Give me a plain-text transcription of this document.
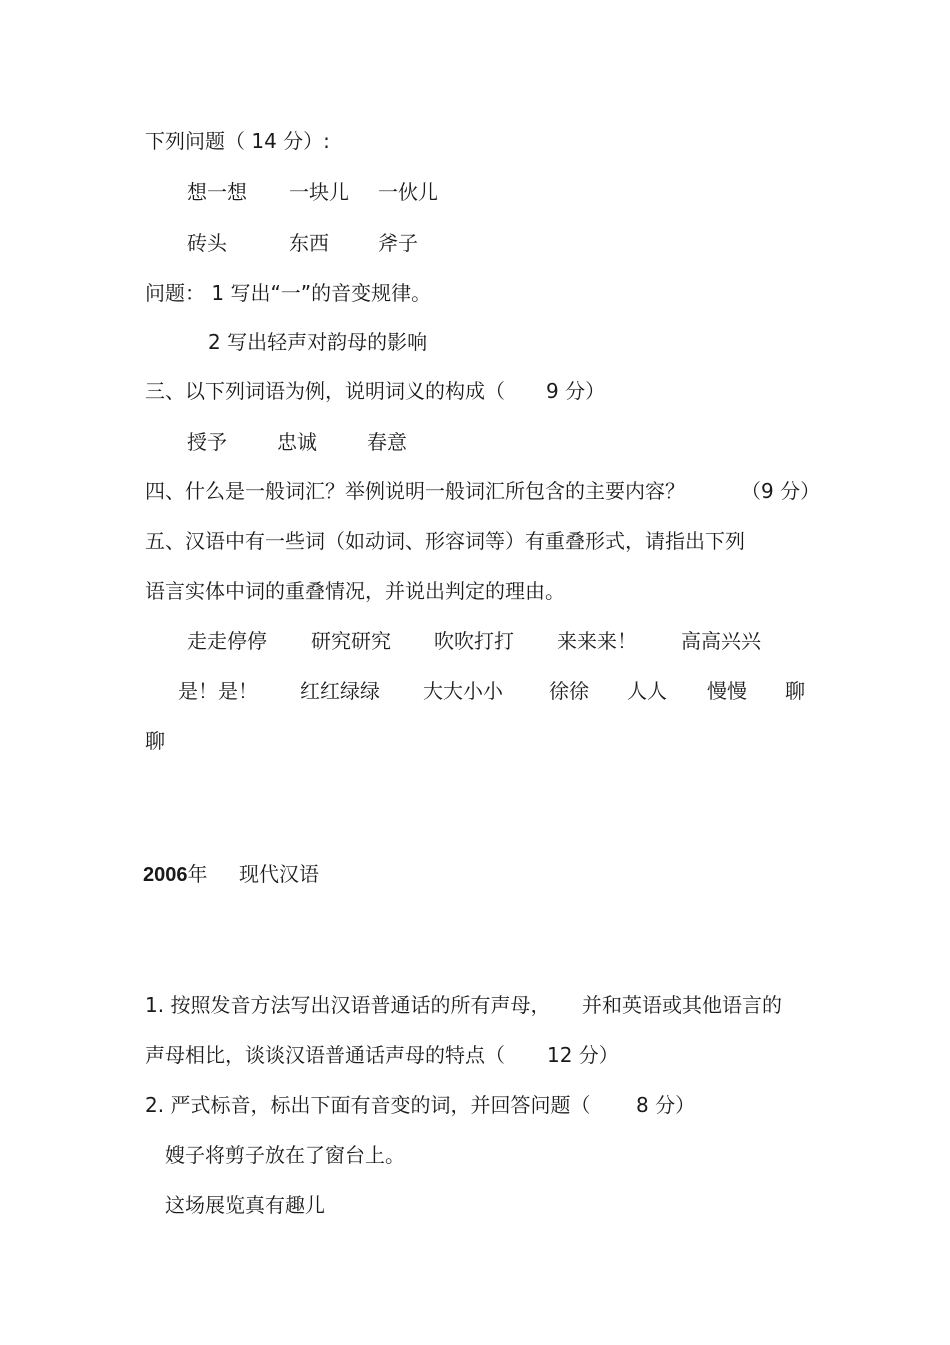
下列问题（ 14 分）:
想一想 一块儿 一伙儿
砖头	东西 斧子
问题： 1 写出“一”的音变规律。
2 写出轻声对韵母的影响
三、以下列词语为例，说明词义的构成（ 9 分）
授予	忠诚	春意
四、什么是一般词汇？举例说明一般词汇所包含的主要内容？	（9 分）
五、汉语中有一些词（如动词、形容词等）有重叠形式，请指出下列
语言实体中词的重叠情况，并说出判定的理由。
走走停停 研究研究 吹吹打打 来来来！ 高高兴兴
是！是！ 红红绿绿 大大小小 徐徐 人人 慢慢 聊
聊
2006年 现代汉语
1. 按照发音方法写出汉语普通话的所有声母， 并和英语或其他语言的
声母相比，谈谈汉语普通话声母的特点（ 12 分）
2. 严式标音，标出下面有音变的词，并回答问题（ 8 分）
嫂子将剪子放在了窗台上。
这场展览真有趣儿
